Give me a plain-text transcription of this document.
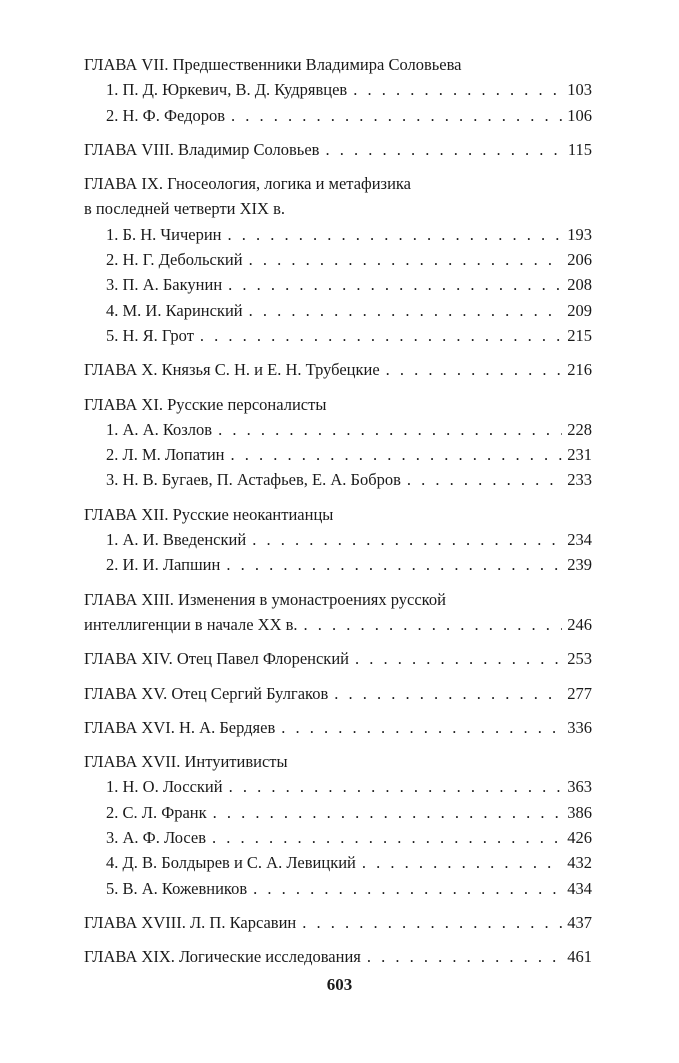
ГЛАВА VII. Предшественники Владимира Соловьева
1. П. Д. Юркевич, В. Д. Кудрявцев . . .	103
2. Н. Ф. Федоров . . .	106
ГЛАВА VIII. Владимир Соловьев . . .	115
ГЛАВА IX. Гносеология, логика и метафизика
в последней четверти XIX в.
1. Б. Н. Чичерин . . .	193
2. Н. Г. Дебольский . . .	206
3. П. А. Бакунин . . .	208
4. М. И. Каринский . . .	209
5. Н. Я. Грот . . .	215
ГЛАВА X. Князья С. Н. и Е. Н. Трубецкие . . .	216
ГЛАВА XI. Русские персоналисты
1. А. А. Козлов . . .	228
2. Л. М. Лопатин . . .	231
3. Н. В. Бугаев, П. Астафьев, Е. А. Бобров . . .	233
ГЛАВА XII. Русские неокантианцы
1. А. И. Введенский . . .	234
2. И. И. Лапшин . . .	239
ГЛАВА XIII. Изменения в умонастроениях русской
интеллигенции в начале XX в. . . .	246
ГЛАВА XIV. Отец Павел Флоренский . . .	253
ГЛАВА XV. Отец Сергий Булгаков . . .	277
ГЛАВА XVI. Н. А. Бердяев . . .	336
ГЛАВА XVII. Интуитивисты
1. Н. О. Лосский . . .	363
2. С. Л. Франк . . .	386
3. А. Ф. Лосев . . .	426
4. Д. В. Болдырев и С. А. Левицкий . . .	432
5. В. А. Кожевников . . .	434
ГЛАВА XVIII. Л. П. Карсавин . . .	437
ГЛАВА XIX. Логические исследования . . .	461
603
